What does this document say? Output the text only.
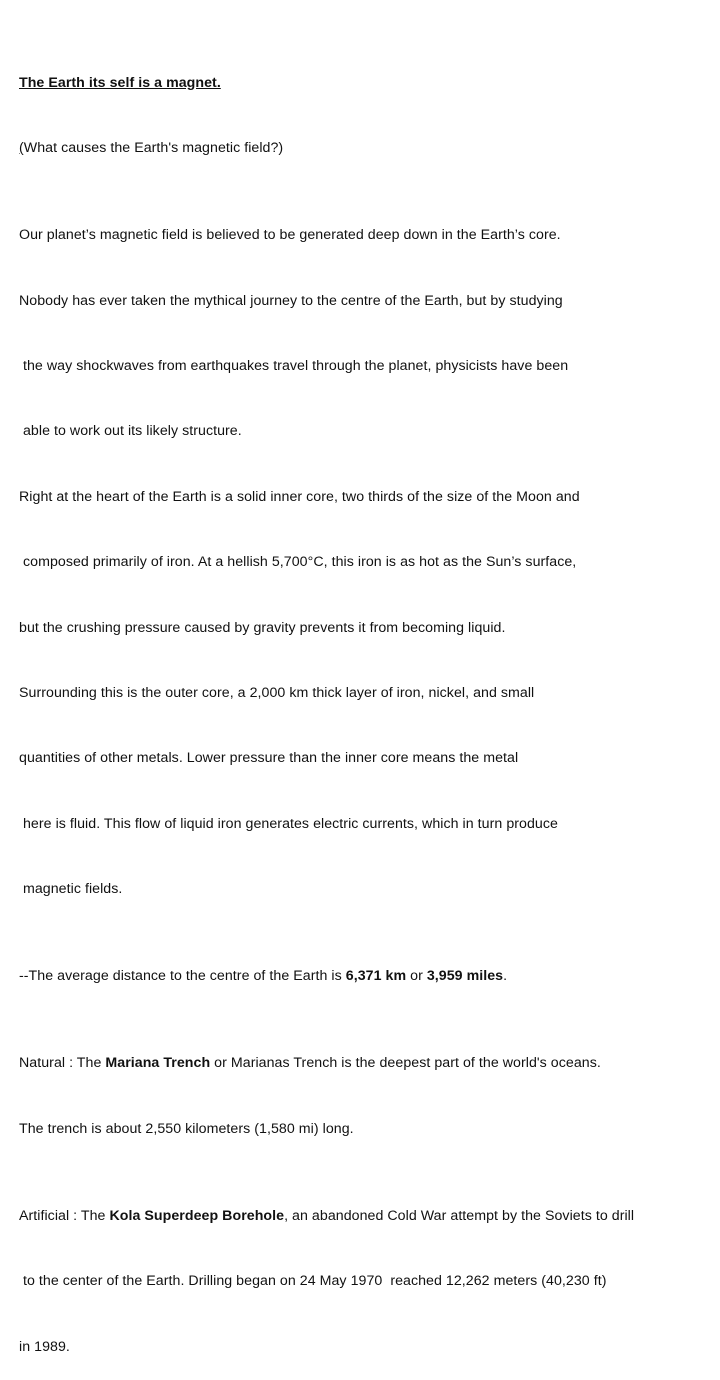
The Earth its self is a magnet.

(What causes the Earth's magnetic field?)

Our planet’s magnetic field is believed to be generated deep down in the Earth’s core.

Nobody has ever taken the mythical journey to the centre of the Earth, but by studying

the way shockwaves from earthquakes travel through the planet, physicists have been

able to work out its likely structure.

Right at the heart of the Earth is a solid inner core, two thirds of the size of the Moon and

composed primarily of iron. At a hellish 5,700°C, this iron is as hot as the Sun’s surface,

but the crushing pressure caused by gravity prevents it from becoming liquid.

Surrounding this is the outer core, a 2,000 km thick layer of iron, nickel, and small

quantities of other metals. Lower pressure than the inner core means the metal

here is fluid. This flow of liquid iron generates electric currents, which in turn produce

magnetic fields.

--The average distance to the centre of the Earth is 6,371 km or 3,959 miles.

Natural : The Mariana Trench or Marianas Trench is the deepest part of the world's oceans.

The trench is about 2,550 kilometers (1,580 mi) long.

Artificial : The Kola Superdeep Borehole, an abandoned Cold War attempt by the Soviets to drill

to the center of the Earth. Drilling began on 24 May 1970  reached 12,262 meters (40,230 ft)

in 1989.
